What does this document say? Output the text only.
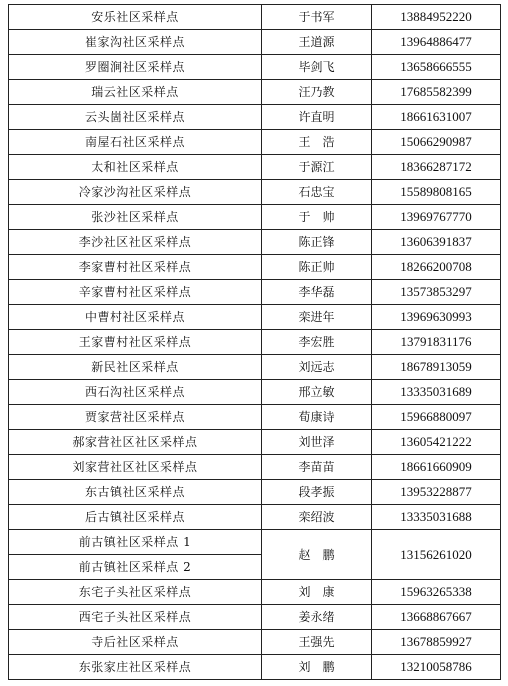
安乐社区采样点	于书军	13884952220
崔家沟社区采样点	王道源	13964886477
罗圈涧社区采样点	毕剑飞	13658666555
瑞云社区采样点	汪乃教	17685582399
云头崮社区采样点	许直明	18661631007
南屋石社区采样点	王　浩	15066290987
太和社区采样点	于源江	18366287172
冷家沙沟社区采样点	石忠宝	15589808165
张沙社区采样点	于　帅	13969767770
李沙社区社区采样点	陈正锋	13606391837
李家曹村社区采样点	陈正帅	18266200708
辛家曹村社区采样点	李华磊	13573853297
中曹村社区采样点	栾进年	13969630993
王家曹村社区采样点	李宏胜	13791831176
新民社区采样点	刘远志	18678913059
西石沟社区采样点	邢立敏	13335031689
贾家营社区采样点	荀康诗	15966880097
郝家营社区社区采样点	刘世泽	13605421222
刘家营社区社区采样点	李苗苗	18661660909
东古镇社区采样点	段孝振	13953228877
后古镇社区采样点	栾绍波	13335031688
前古镇社区采样点 1	赵　鹏	13156261020
前古镇社区采样点 2		
东宅子头社区采样点	刘　康	15963265338
西宅子头社区采样点	姜永绪	13668867667
寺后社区采样点	王强先	13678859927
东张家庄社区采样点	刘　鹏	13210058786
